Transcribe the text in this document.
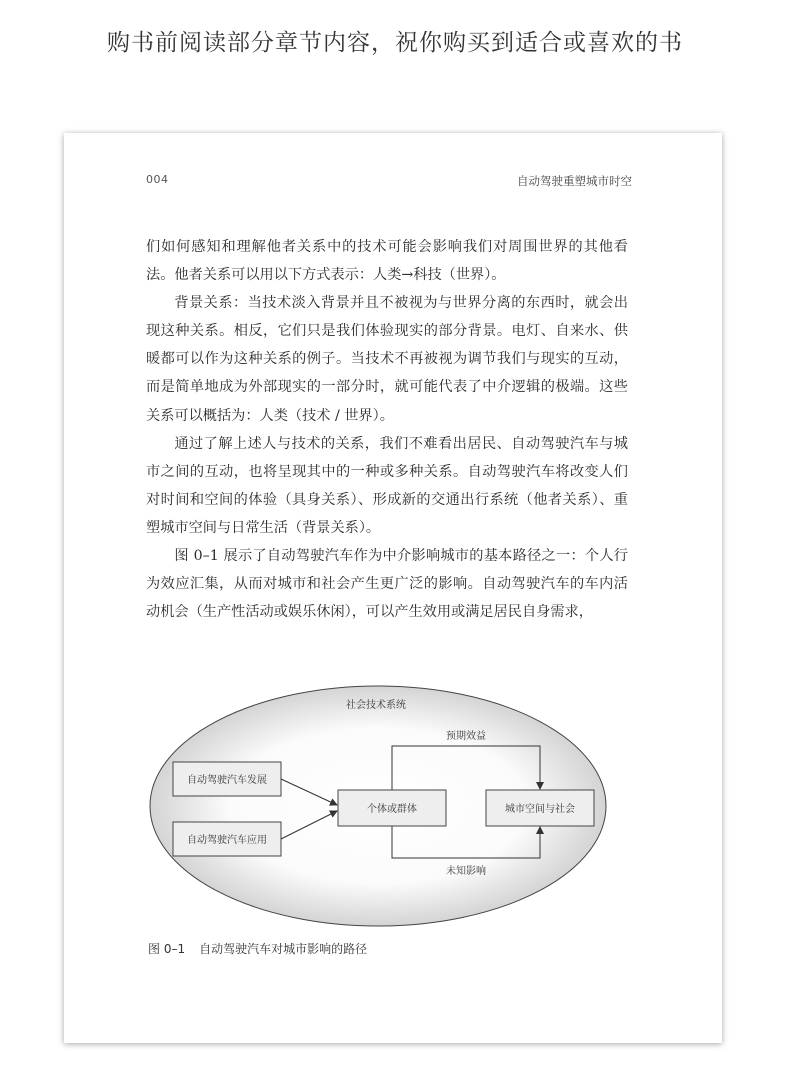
购书前阅读部分章节内容，祝你购买到适合或喜欢的书
004	自动驾驶重塑城市时空

们如何感知和理解他者关系中的技术可能会影响我们对周围世界的其他看法。他者关系可以用以下方式表示：人类→科技（世界）。

背景关系：当技术淡入背景并且不被视为与世界分离的东西时，就会出现这种关系。相反，它们只是我们体验现实的部分背景。电灯、自来水、供暖都可以作为这种关系的例子。当技术不再被视为调节我们与现实的互动，而是简单地成为外部现实的一部分时，就可能代表了中介逻辑的极端。这些关系可以概括为：人类（技术 / 世界）。

通过了解上述人与技术的关系，我们不难看出居民、自动驾驶汽车与城市之间的互动，也将呈现其中的一种或多种关系。自动驾驶汽车将改变人们对时间和空间的体验（具身关系）、形成新的交通出行系统（他者关系）、重塑城市空间与日常生活（背景关系）。

图 0–1 展示了自动驾驶汽车作为中介影响城市的基本路径之一：个人行为效应汇集，从而对城市和社会产生更广泛的影响。自动驾驶汽车的车内活动机会（生产性活动或娱乐休闲），可以产生效用或满足居民自身需求，

社会技术系统
自动驾驶汽车发展
自动驾驶汽车应用
个体或群体	城市空间与社会
预期效益
未知影响
图 0–1 自动驾驶汽车对城市影响的路径
